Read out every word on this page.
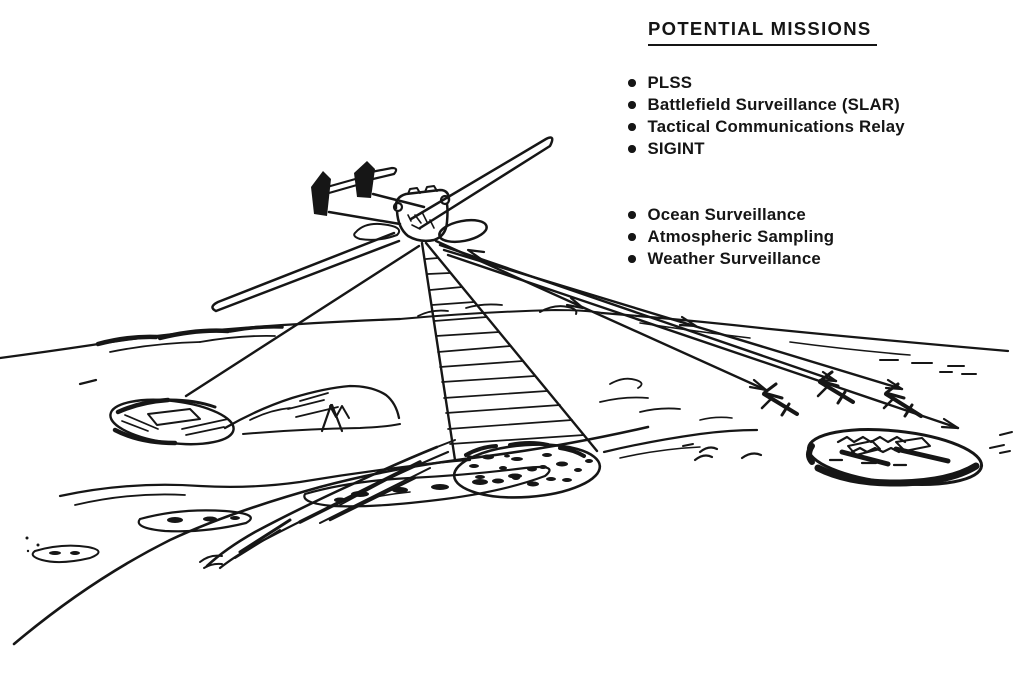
POTENTIAL MISSIONS
PLSS
Battlefield Surveillance (SLAR)
Tactical Communications Relay
SIGINT
Ocean Surveillance
Atmospheric Sampling
Weather Surveillance
